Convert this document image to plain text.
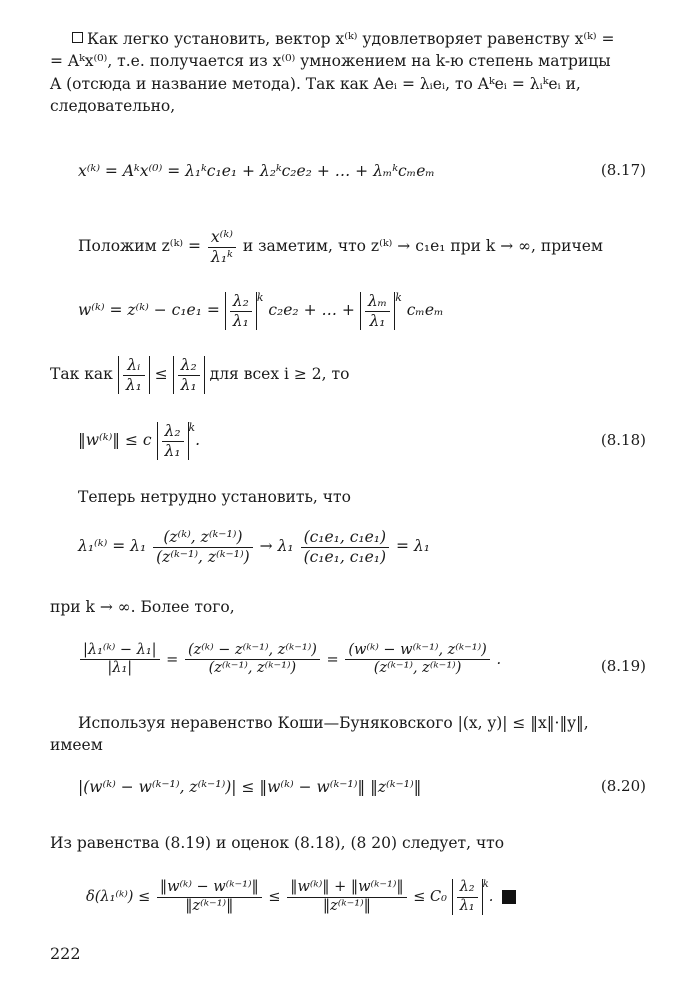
Как легко установить, вектор x⁽ᵏ⁾ удовлетворяет равенству x⁽ᵏ⁾ =
= Aᵏx⁽⁰⁾, т.е. получается из x⁽⁰⁾ умножением на k-ю степень матрицы
A (отсюда и название метода). Так как Aeᵢ = λᵢeᵢ, то Aᵏeᵢ = λᵢᵏeᵢ и,
следовательно,
x⁽ᵏ⁾ = Aᵏx⁽⁰⁾ = λ₁ᵏc₁e₁ + λ₂ᵏc₂e₂ + … + λₘᵏcₘeₘ	(8.17)
Положим z⁽ᵏ⁾ = $\frac{\text{x⁽ᵏ⁾}}{\text{λ₁ᵏ}}$ и заметим, что z⁽ᵏ⁾ → c₁e₁ при k → ∞, причем
w⁽ᵏ⁾ = z⁽ᵏ⁾ − $c_1e_1 = \frac{\text{λ₂}}{\text{λ₁}} ^k$ c₂e₂ + … + $\frac{\text{λₘ}}{\text{λ₁}} ^k$ cₘeₘ
Так как $\frac{\text{λᵢ}}{\text{λ₁}} \le \frac{\text{λ₂}}{\text{λ₁}}$ для всех i ≥ 2, то
‖w⁽ᵏ⁾‖ ≤ c $\frac{\text{λ₂}}{\text{λ₁}} ^k$.	(8.18)
Теперь нетрудно установить, что
λ₁⁽ᵏ⁾ = $\lambda_1 \frac{\text{(z⁽ᵏ⁾, z⁽ᵏ⁻¹⁾)}}{\text{(z⁽ᵏ⁻¹⁾, z⁽ᵏ⁻¹⁾)}} \to \lambda_1 \frac{\text{(c₁e₁, c₁e₁)}}{\text{(c₁e₁, c₁e₁)}} = \lambda_1$
при k → ∞. Более того,
$\frac{\text{|λ₁⁽ᵏ⁾ − λ₁|}}{\text{|λ₁|}} = \frac{\text{(z⁽ᵏ⁾ − z⁽ᵏ⁻¹⁾, z⁽ᵏ⁻¹⁾)}}{\text{(z⁽ᵏ⁻¹⁾, z⁽ᵏ⁻¹⁾)}} = \frac{\text{(w⁽ᵏ⁾ − w⁽ᵏ⁻¹⁾, z⁽ᵏ⁻¹⁾)}}{\text{(z⁽ᵏ⁻¹⁾, z⁽ᵏ⁻¹⁾)}}$ .	(8.19)
Используя неравенство Коши—Буняковского |(x, y)| ≤ ‖x‖·‖y‖,
имеем
|(w⁽ᵏ⁾ − w⁽ᵏ⁻¹⁾, z⁽ᵏ⁻¹⁾)| ≤ ‖w⁽ᵏ⁾ − w⁽ᵏ⁻¹⁾‖ ‖z⁽ᵏ⁻¹⁾‖	(8.20)
Из равенства (8.19) и оценок (8.18), (8 20) следует, что
δ(λ₁⁽ᵏ⁾) ≤ $\frac{\text{‖w⁽ᵏ⁾ − w⁽ᵏ⁻¹⁾‖}}{\text{‖z⁽ᵏ⁻¹⁾‖}} \le \frac{\text{‖w⁽ᵏ⁾‖ + ‖w⁽ᵏ⁻¹⁾‖}}{\text{‖z⁽ᵏ⁻¹⁾‖}} \le C_0 \frac{\text{λ₂}}{\text{λ₁}} ^k$.
222
